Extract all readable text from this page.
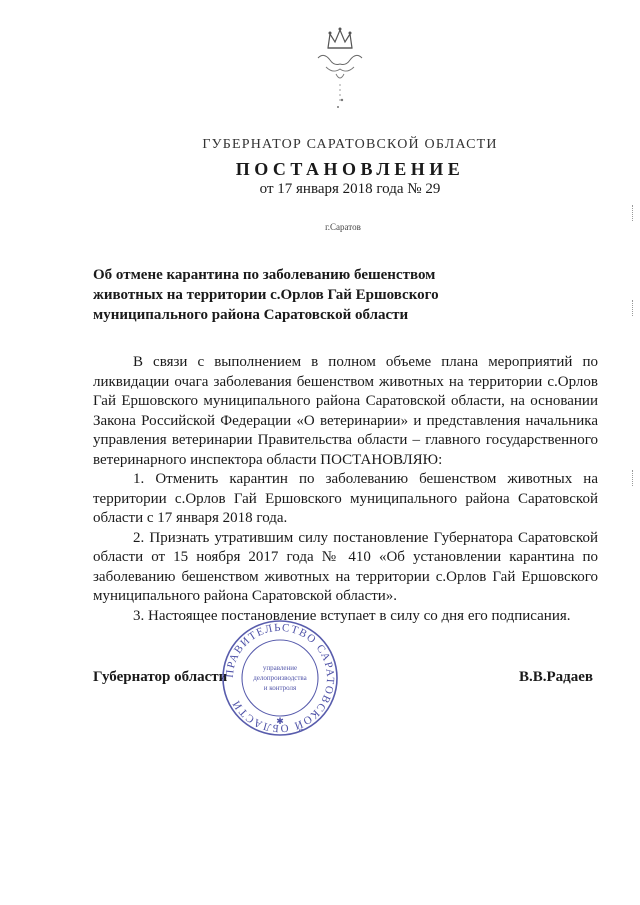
ГУБЕРНАТОР САРАТОВСКОЙ ОБЛАСТИ
ПОСТАНОВЛЕНИЕ
от 17 января 2018 года № 29
г.Саратов
Об отмене карантина по заболеванию бешенством животных на территории с.Орлов Гай Ершовского муниципального района Саратовской области

В связи с выполнением в полном объеме плана мероприятий по ликвидации очага заболевания бешенством животных на территории с.Орлов Гай Ершовского муниципального района Саратовской области, на основании Закона Российской Федерации «О ветеринарии» и представления начальника управления ветеринарии Правительства области – главного государственного ветеринарного инспектора области ПОСТАНОВЛЯЮ:

1. Отменить карантин по заболеванию бешенством животных на территории с.Орлов Гай Ершовского муниципального района Саратовской области с 17 января 2018 года.

2. Признать утратившим силу постановление Губернатора Саратовской области от 15 ноября 2017 года № 410 «Об установлении карантина по заболеванию бешенством животных на территории с.Орлов Гай Ершовского муниципального района Саратовской области».

3. Настоящее постановление вступает в силу со дня его подписания.

Губернатор области	В.В.Радаев
ПРАВИТЕЛЬСТВО САРАТОВСКОЙ ОБЛАСТИ
управление
делопроизводства
и контроля
✱
